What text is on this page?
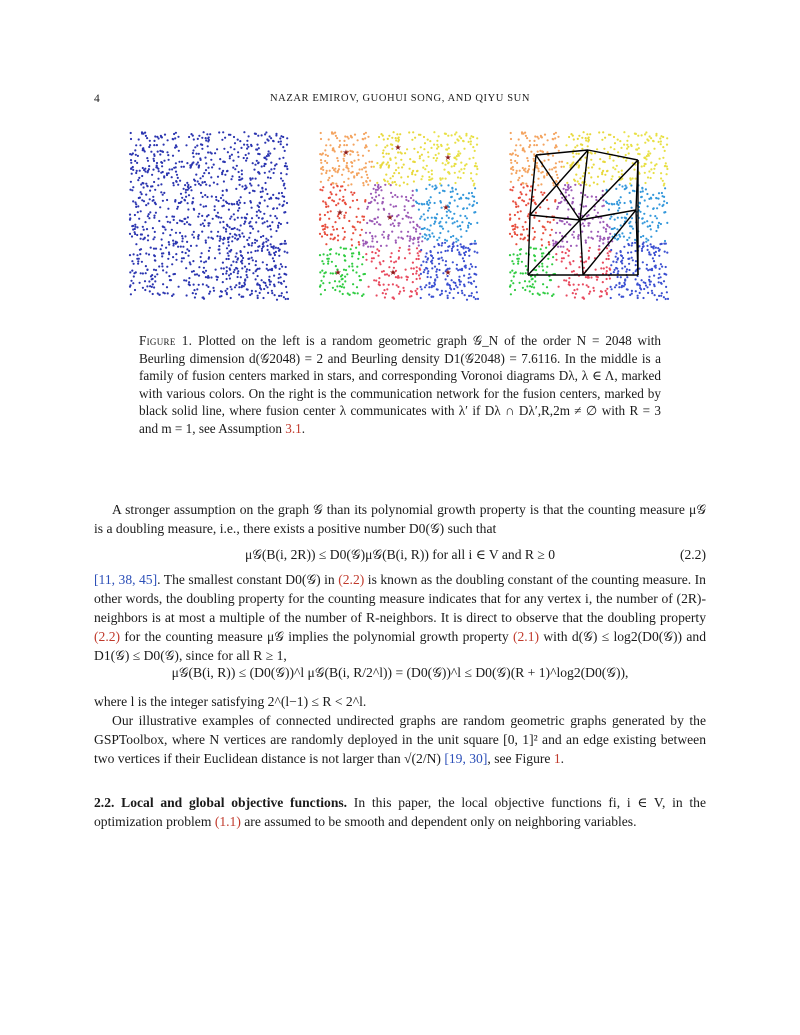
4	NAZAR EMIROV, GUOHUI SONG, AND QIYU SUN
★
★
★
★
★
★
★	★	★
Figure 1. Plotted on the left is a random geometric graph 𝒢_N of the order N = 2048 with Beurling dimension d(𝒢2048) = 2 and Beurling density D1(𝒢2048) = 7.6116. In the middle is a family of fusion centers marked in stars, and corresponding Voronoi diagrams Dλ, λ ∈ Λ, marked with various colors. On the right is the communication network for the fusion centers, marked by black solid line, where fusion center λ communicates with λ′ if Dλ ∩ Dλ′,R,2m ≠ ∅ with R = 3 and m = 1, see Assumption 3.1.
A stronger assumption on the graph 𝒢 than its polynomial growth property is that the counting measure μ𝒢 is a doubling measure, i.e., there exists a positive number D0(𝒢) such that
μ𝒢(B(i, 2R)) ≤ D0(𝒢)μ𝒢(B(i, R)) for all i ∈ V and R ≥ 0	(2.2)
[11, 38, 45]. The smallest constant D0(𝒢) in (2.2) is known as the doubling constant of the counting measure. In other words, the doubling property for the counting measure indicates that for any vertex i, the number of (2R)-neighbors is at most a multiple of the number of R-neighbors. It is direct to observe that the doubling property (2.2) for the counting measure μ𝒢 implies the polynomial growth property (2.1) with d(𝒢) ≤ log2(D0(𝒢)) and D1(𝒢) ≤ D0(𝒢), since for all R ≥ 1,
μ𝒢(B(i, R)) ≤ (D0(𝒢))^l μ𝒢(B(i, R/2^l)) = (D0(𝒢))^l ≤ D0(𝒢)(R + 1)^log2(D0(𝒢)),
where l is the integer satisfying 2^(l−1) ≤ R < 2^l.
Our illustrative examples of connected undirected graphs are random geometric graphs generated by the GSPToolbox, where N vertices are randomly deployed in the unit square [0, 1]² and an edge existing between two vertices if their Euclidean distance is not larger than √(2/N) [19, 30], see Figure 1.
2.2. Local and global objective functions. In this paper, the local objective functions fi, i ∈ V, in the optimization problem (1.1) are assumed to be smooth and dependent only on neighboring variables.
